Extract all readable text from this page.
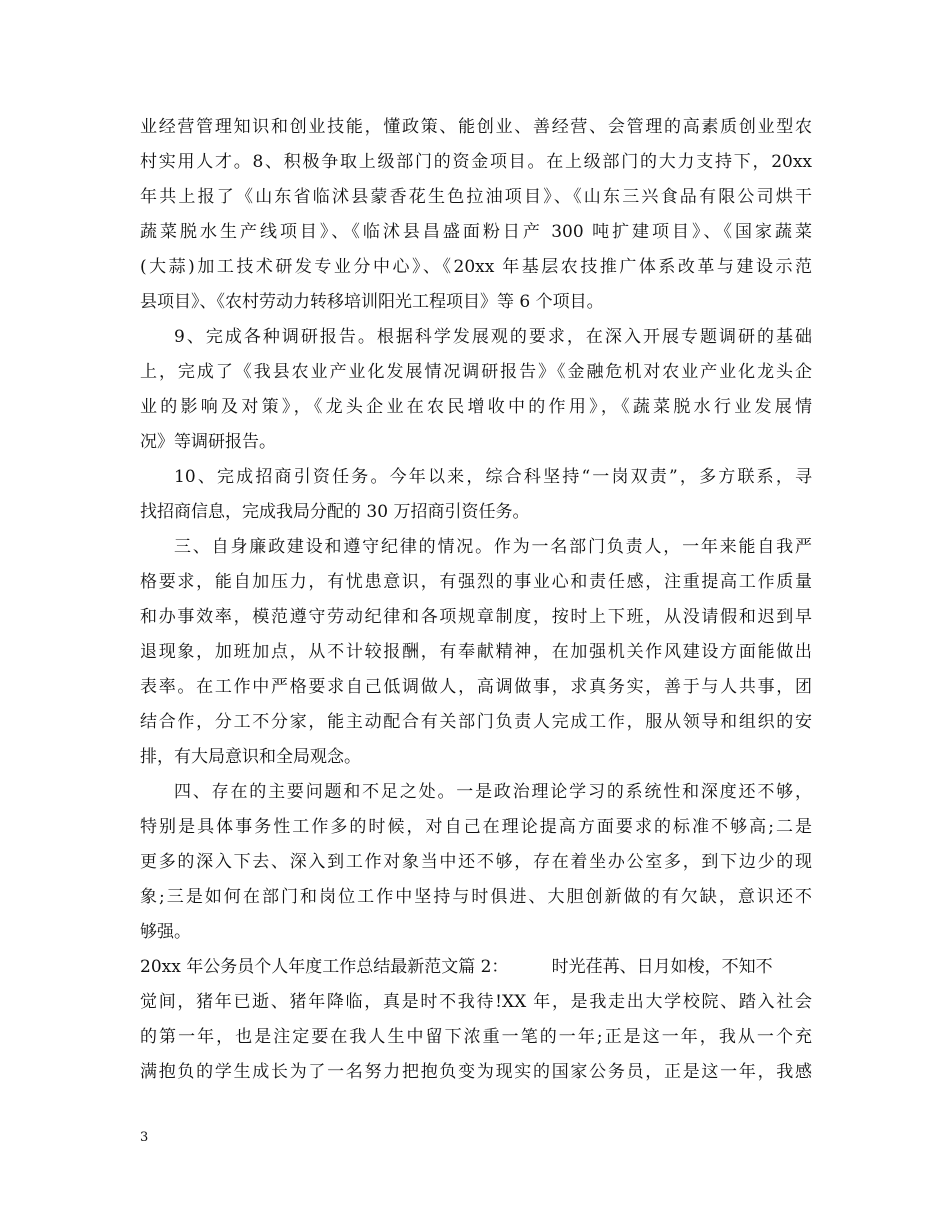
业经营管理知识和创业技能，懂政策、能创业、善经营、会管理的高素质创业型农
村实用人才。8、积极争取上级部门的资金项目。在上级部门的大力支持下，20xx
年共上报了《山东省临沭县蒙香花生色拉油项目》、《山东三兴食品有限公司烘干
蔬菜脱水生产线项目》、《临沭县昌盛面粉日产 300 吨扩建项目》、《国家蔬菜
(大蒜)加工技术研发专业分中心》、《20xx 年基层农技推广体系改革与建设示范
县项目》、《农村劳动力转移培训阳光工程项目》等 6 个项目。
9、完成各种调研报告。根据科学发展观的要求，在深入开展专题调研的基础
上，完成了《我县农业产业化发展情况调研报告》《金融危机对农业产业化龙头企
业的影响及对策》，《龙头企业在农民增收中的作用》，《蔬菜脱水行业发展情
况》等调研报告。
10、完成招商引资任务。今年以来，综合科坚持“一岗双责”，多方联系，寻
找招商信息，完成我局分配的 30 万招商引资任务。
三、自身廉政建设和遵守纪律的情况。作为一名部门负责人，一年来能自我严
格要求，能自加压力，有忧患意识，有强烈的事业心和责任感，注重提高工作质量
和办事效率，模范遵守劳动纪律和各项规章制度，按时上下班，从没请假和迟到早
退现象，加班加点，从不计较报酬，有奉献精神，在加强机关作风建设方面能做出
表率。在工作中严格要求自己低调做人，高调做事，求真务实，善于与人共事，团
结合作，分工不分家，能主动配合有关部门负责人完成工作，服从领导和组织的安
排，有大局意识和全局观念。
四、存在的主要问题和不足之处。一是政治理论学习的系统性和深度还不够，
特别是具体事务性工作多的时候，对自己在理论提高方面要求的标准不够高;二是
更多的深入下去、深入到工作对象当中还不够，存在着坐办公室多，到下边少的现
象;三是如何在部门和岗位工作中坚持与时俱进、大胆创新做的有欠缺，意识还不
够强。
20xx 年公务员个人年度工作总结最新范文篇 2：        时光荏苒、日月如梭，不知不
觉间，猪年已逝、猪年降临，真是时不我待!XX 年，是我走出大学校院、踏入社会
的第一年，也是注定要在我人生中留下浓重一笔的一年;正是这一年，我从一个充
满抱负的学生成长为了一名努力把抱负变为现实的国家公务员，正是这一年，我感
3
